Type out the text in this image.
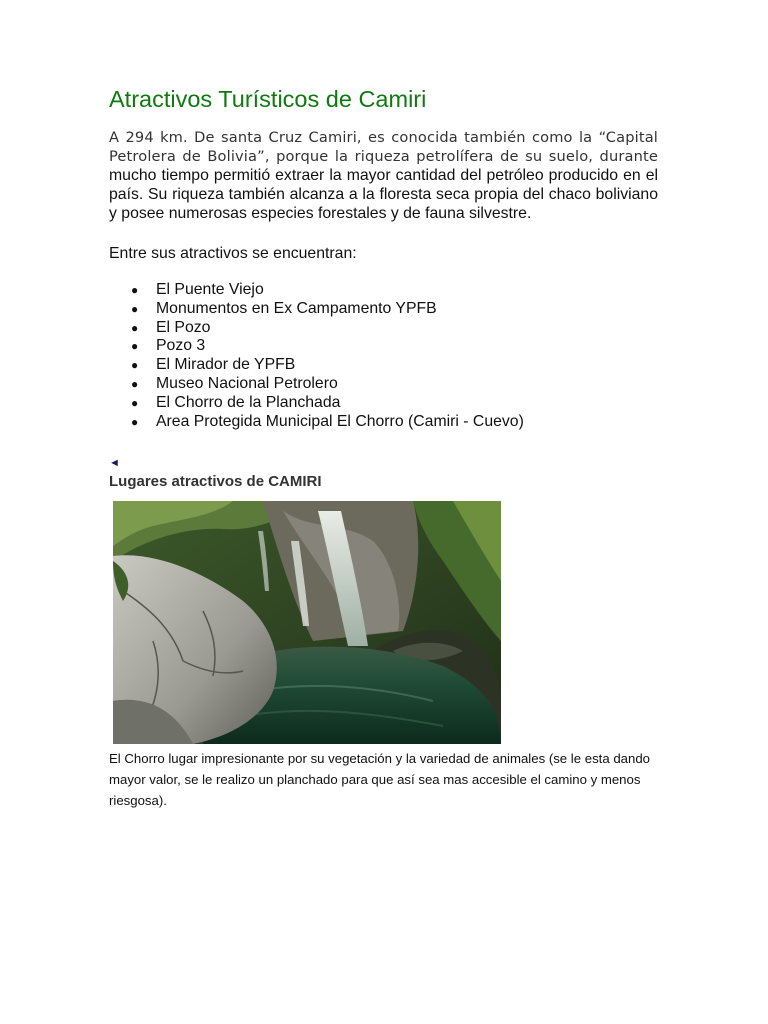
Atractivos Turísticos de Camiri

A 294 km. De santa Cruz Camiri, es conocida también como la “Capital Petrolera de Bolivia”, porque la riqueza petrolífera de su suelo, durante mucho tiempo permitió extraer la mayor cantidad del petróleo producido en el país. Su riqueza también alcanza a la floresta seca propia del chaco boliviano y posee numerosas especies forestales y de fauna silvestre.

Entre sus atractivos se encuentran:

● El Puente Viejo
● Monumentos en Ex Campamento YPFB
● El Pozo
● Pozo 3
● El Mirador de YPFB
● Museo Nacional Petrolero
● El Chorro de la Planchada
● Area Protegida Municipal El Chorro (Camiri - Cuevo)
◄
Lugares atractivos de CAMIRI

El Chorro lugar impresionante por su vegetación y la variedad de animales (se le esta dando mayor valor, se le realizo un planchado para que así sea mas accesible el camino y menos riesgosa).
